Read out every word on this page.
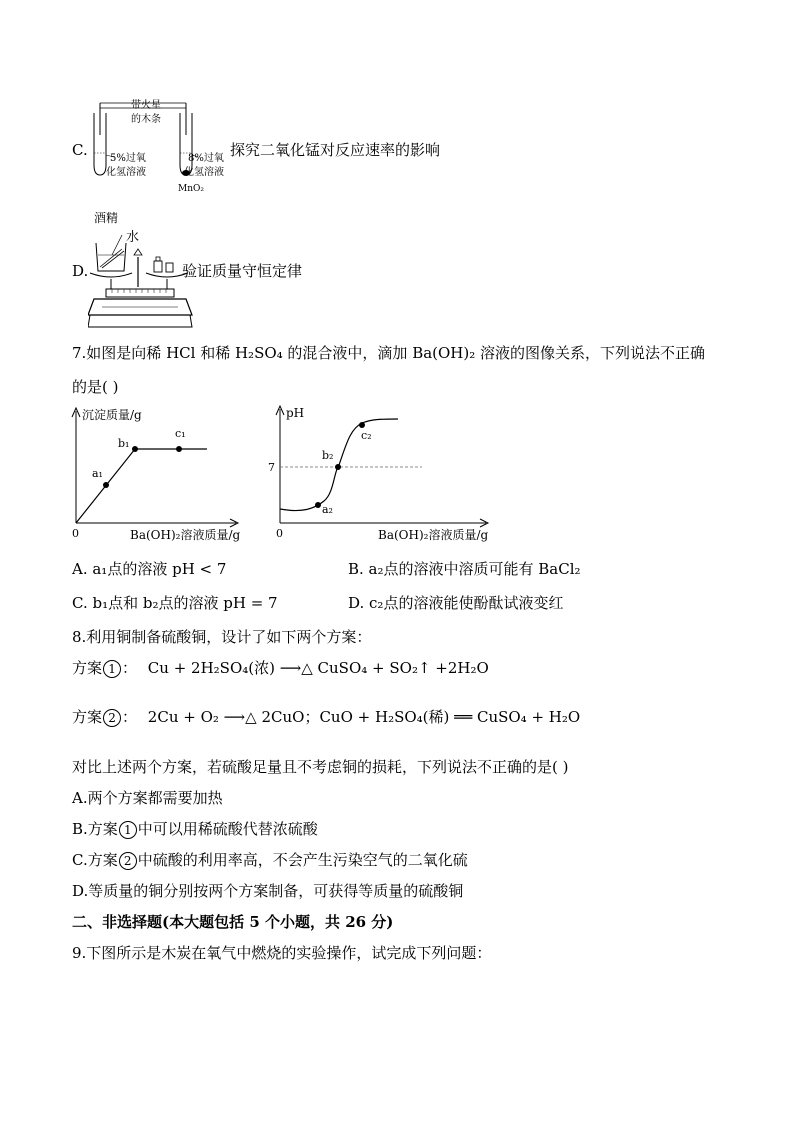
C.
带火星
的木条
5%过氧
化氢溶液
8%过氧
化氢溶液
MnO₂
探究二氧化锰对反应速率的影响
D.
酒精
水
验证质量守恒定律
7.如图是向稀 HCl 和稀 H₂SO₄ 的混合液中，滴加 Ba(OH)₂ 溶液的图像关系，下列说法不正确
的是( )
沉淀质量/g
a₁
b₁
c₁
0	Ba(OH)₂溶液质量/g
pH
7
a₂
b₂
c₂
0	Ba(OH)₂溶液质量/g
A. a₁点的溶液 pH < 7	B. a₂点的溶液中溶质可能有 BaCl₂
C. b₁点和 b₂点的溶液 pH = 7	D. c₂点的溶液能使酚酞试液变红
8.利用铜制备硫酸铜，设计了如下两个方案：
方案 1 ： Cu + 2H₂SO₄(浓) ⟶△ CuSO₄ + SO₂↑ +2H₂O
方案 2 ： 2Cu + O₂ ⟶△ 2CuO；CuO + H₂SO₄(稀) ══ CuSO₄ + H₂O
对比上述两个方案，若硫酸足量且不考虑铜的损耗，下列说法不正确的是( )
A.两个方案都需要加热
B.方案 1 中可以用稀硫酸代替浓硫酸
C.方案 2 中硫酸的利用率高，不会产生污染空气的二氧化硫
D.等质量的铜分别按两个方案制备，可获得等质量的硫酸铜
二、非选择题(本大题包括 5 个小题，共 26 分)
9.下图所示是木炭在氧气中燃烧的实验操作，试完成下列问题：
